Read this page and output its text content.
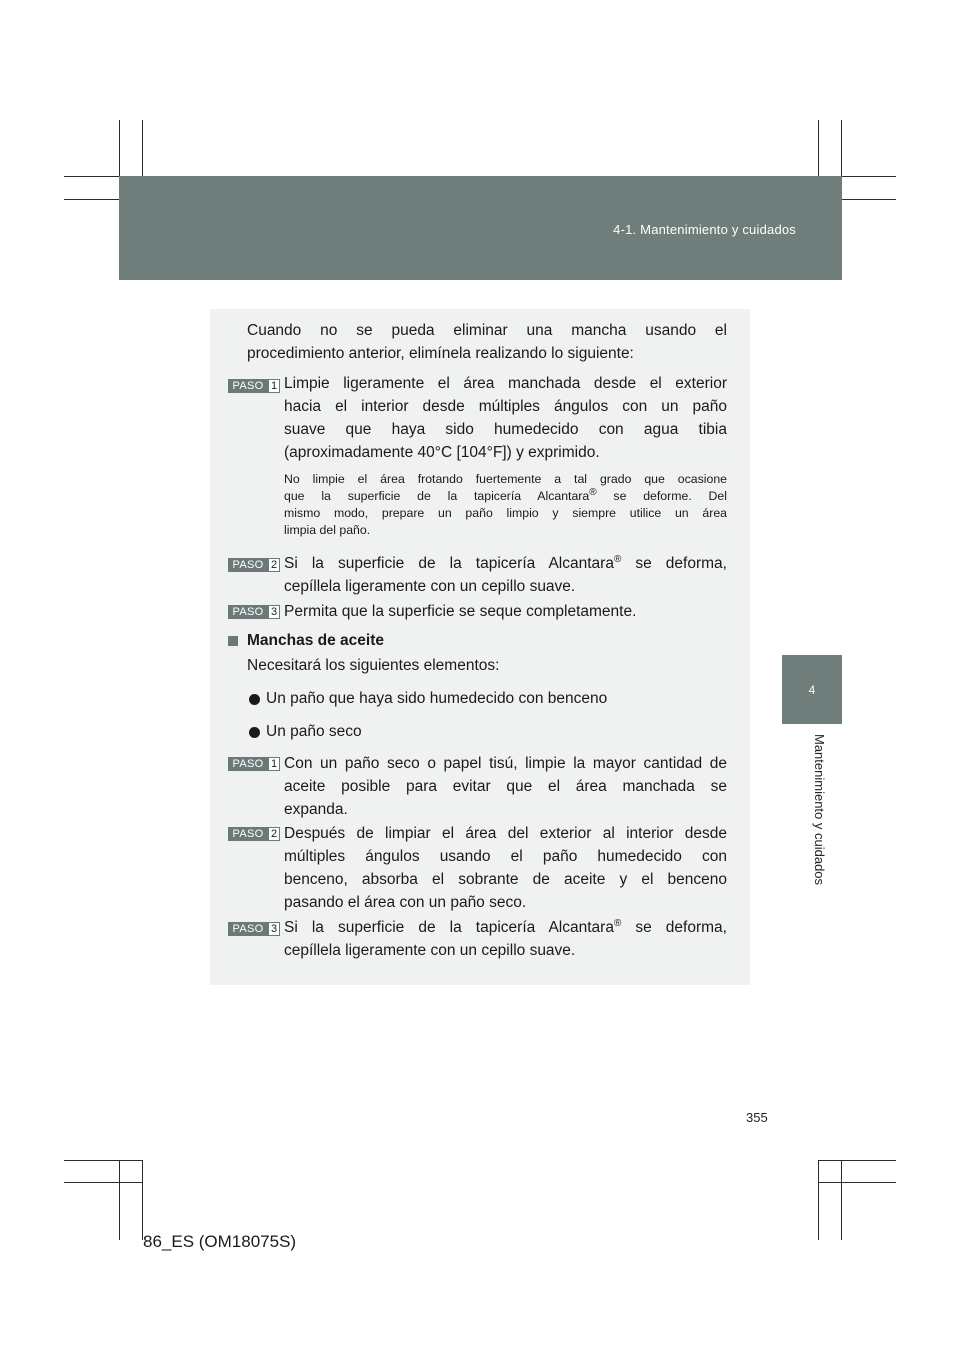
4-1. Mantenimiento y cuidados
4
Mantenimiento y cuidados
Cuando no se pueda eliminar una mancha usando el
procedimiento anterior, elimínela realizando lo siguiente:
PASO 1 Limpie ligeramente el área manchada desde el exterior
hacia el interior desde múltiples ángulos con un paño
suave que haya sido humedecido con agua tibia
(aproximadamente 40°C [104°F]) y exprimido.
No limpie el área frotando fuertemente a tal grado que ocasione
que la superficie de la tapicería Alcantara® se deforme. Del
mismo modo, prepare un paño limpio y siempre utilice un área
limpia del paño.
PASO 2 Si la superficie de la tapicería Alcantara® se deforma,
cepíllela ligeramente con un cepillo suave.
PASO 3 Permita que la superficie se seque completamente.
Manchas de aceite
Necesitará los siguientes elementos:
Un paño que haya sido humedecido con benceno
Un paño seco
PASO 1 Con un paño seco o papel tisú, limpie la mayor cantidad de
aceite posible para evitar que el área manchada se
expanda.
PASO 2 Después de limpiar el área del exterior al interior desde
múltiples ángulos usando el paño humedecido con
benceno, absorba el sobrante de aceite y el benceno
pasando el área con un paño seco.
PASO 3 Si la superficie de la tapicería Alcantara® se deforma,
cepíllela ligeramente con un cepillo suave.
355
86_ES (OM18075S)
